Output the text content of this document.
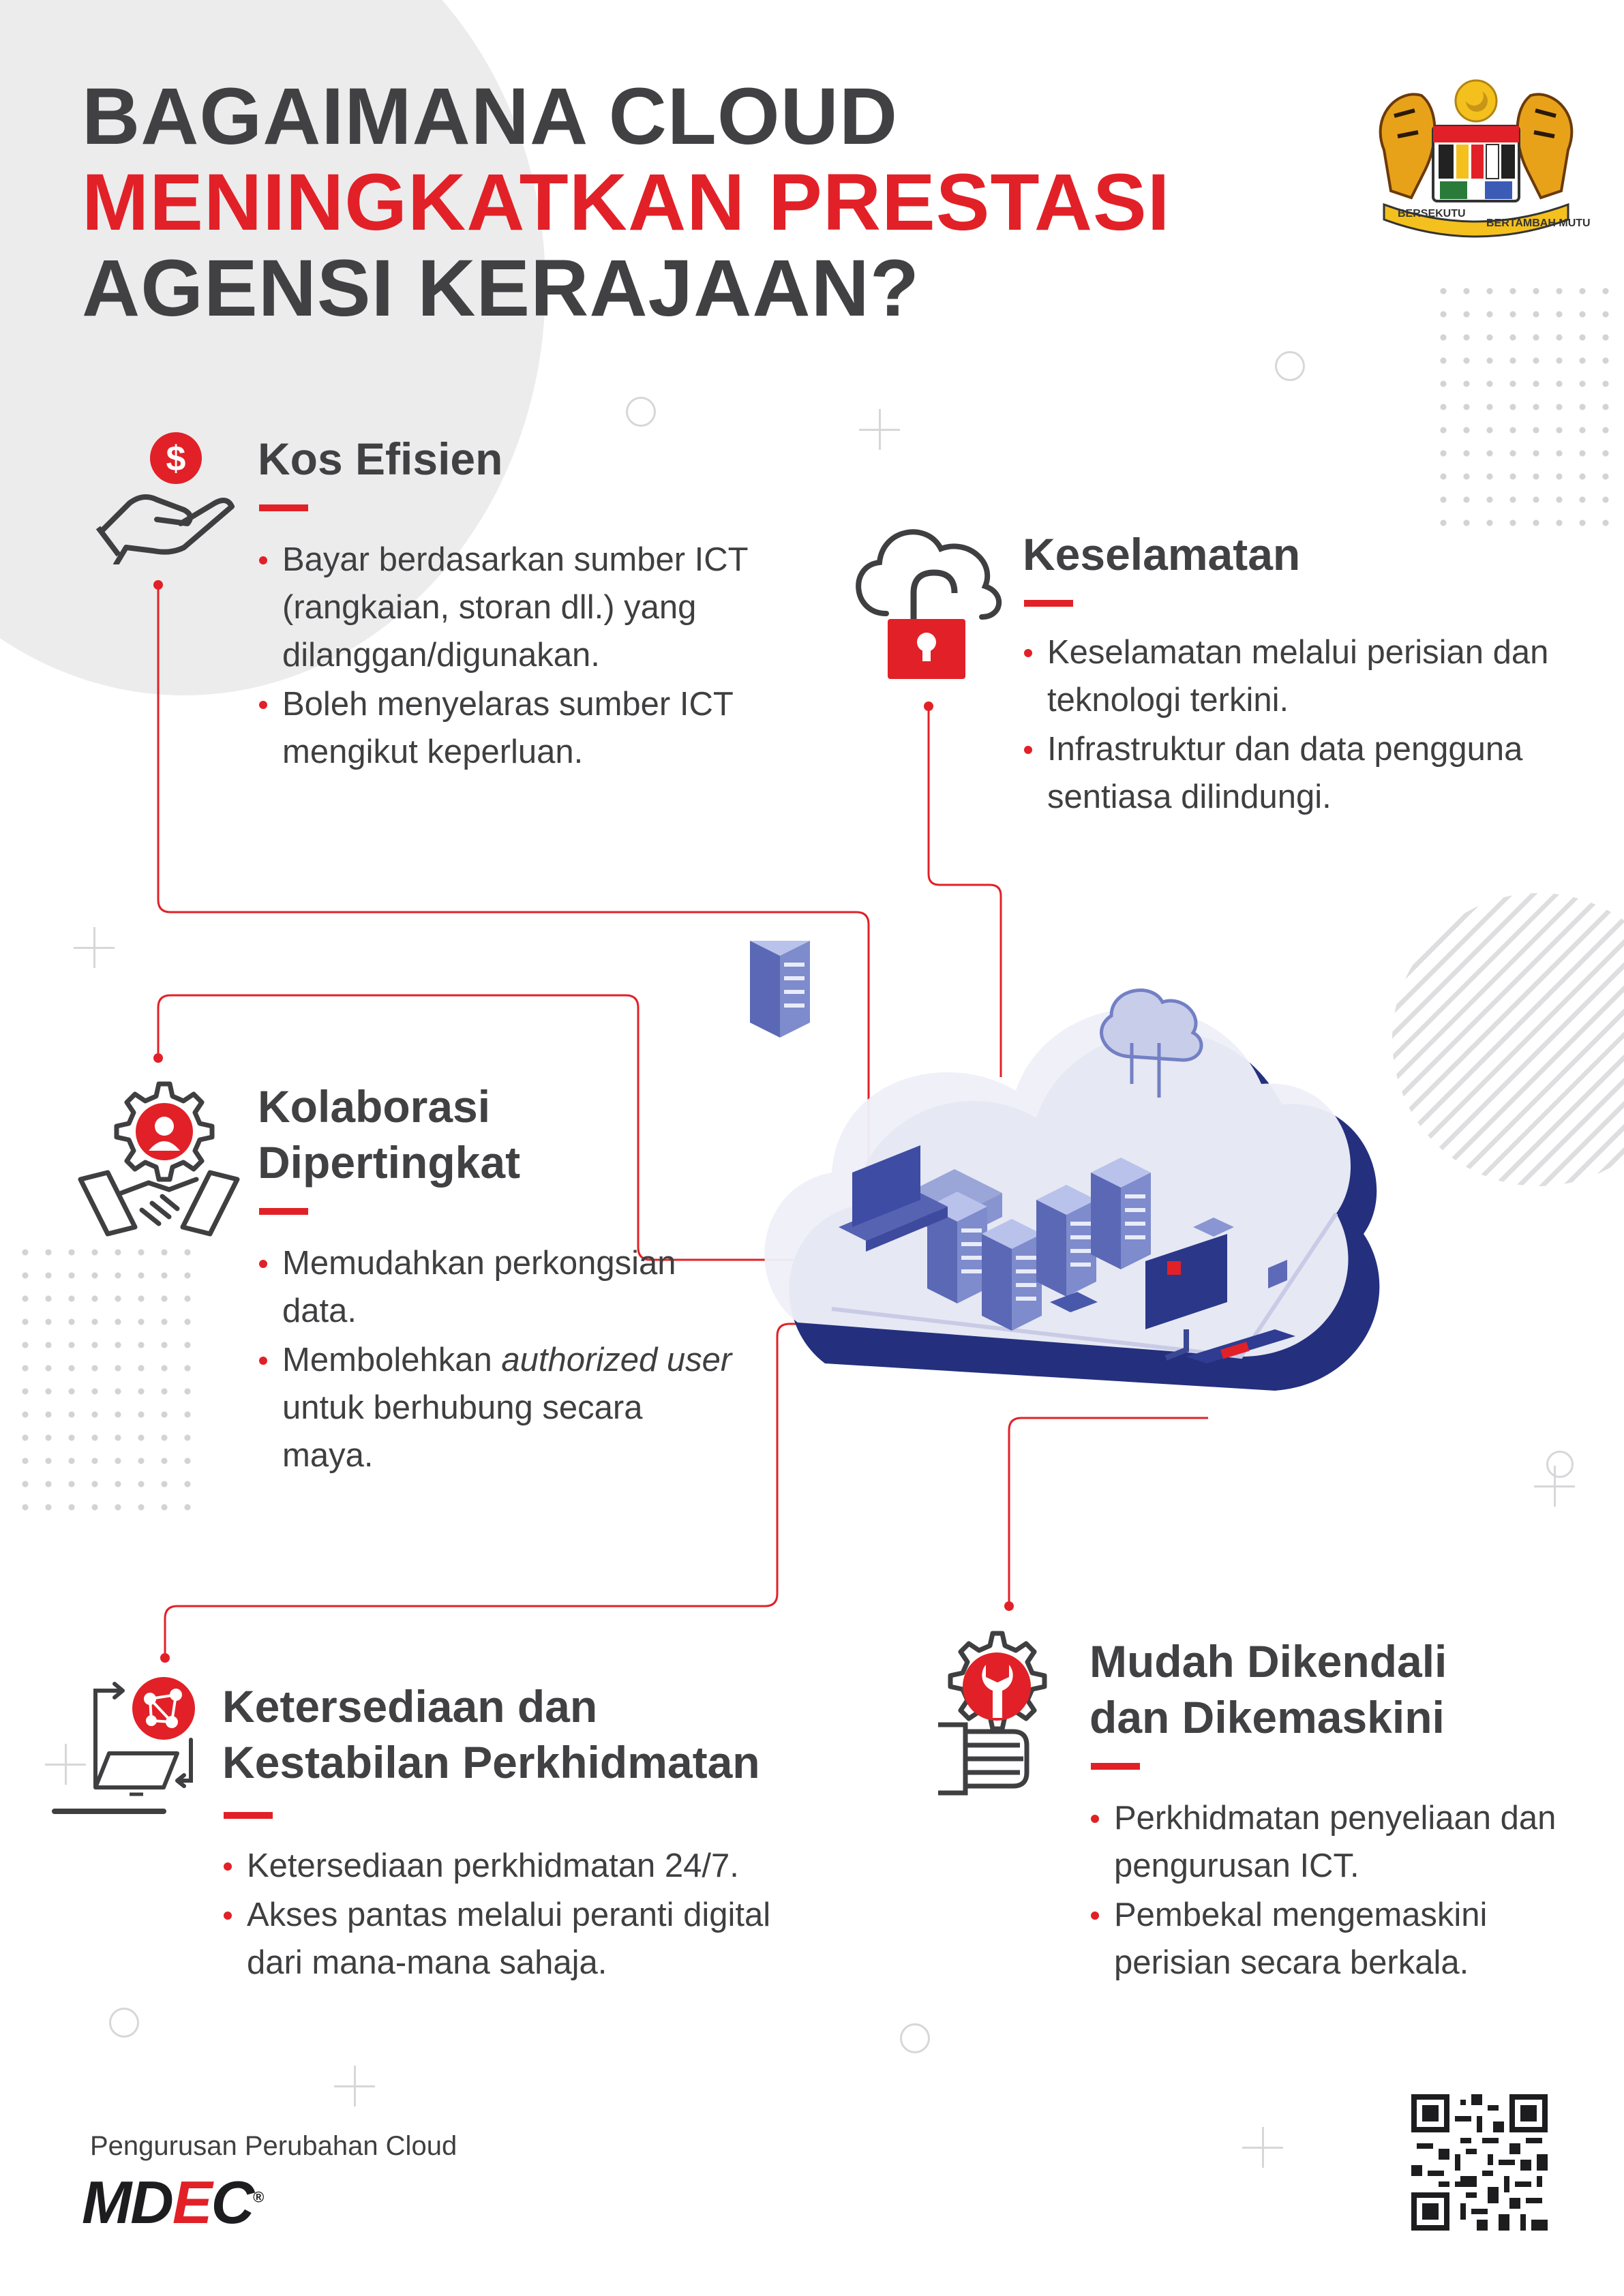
BAGAIMANA CLOUD
MENINGKATKAN PRESTASI
AGENSI KERAJAAN?
BERSEKUTU
BERTAMBAH MUTU
$ Kos Efisien
Bayar berdasarkan sumber ICT (rangkaian, storan dll.) yang dilanggan/digunakan.
Boleh menyelaras sumber ICT mengikut keperluan.
Keselamatan
Keselamatan melalui perisian dan teknologi terkini.
Infrastruktur dan data pengguna sentiasa dilindungi.
Kolaborasi
Dipertingkat
Memudahkan perkongsian data.
Membolehkan authorized user untuk berhubung secara maya.
Ketersediaan dan
Kestabilan Perkhidmatan
Ketersediaan perkhidmatan 24/7.
Akses pantas melalui peranti digital dari mana-mana sahaja.
Mudah Dikendali
dan Dikemaskini
Perkhidmatan penyeliaan dan pengurusan ICT.
Pembekal mengemaskini perisian secara berkala.
Pengurusan Perubahan Cloud
MDEC®
